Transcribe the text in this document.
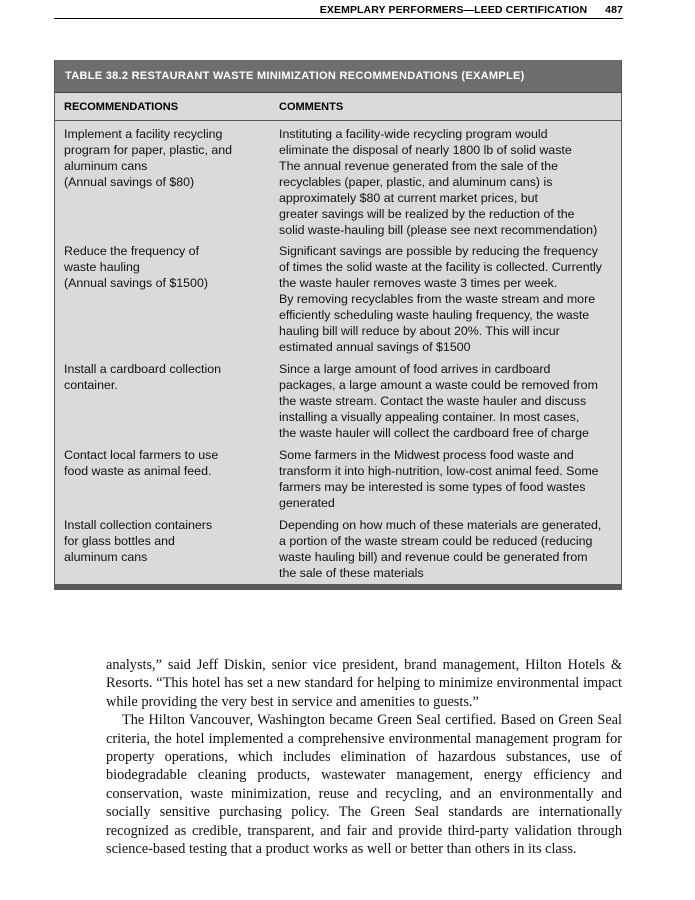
EXEMPLARY PERFORMERS—LEED CERTIFICATION 487
TABLE 38.2 RESTAURANT WASTE MINIMIZATION RECOMMENDATIONS (EXAMPLE)
RECOMMENDATIONS	COMMENTS
Implement a facility recycling
program for paper, plastic, and
aluminum cans
(Annual savings of $80)
Instituting a facility-wide recycling program would
eliminate the disposal of nearly 1800 lb of solid waste
The annual revenue generated from the sale of the
recyclables (paper, plastic, and aluminum cans) is
approximately $80 at current market prices, but
greater savings will be realized by the reduction of the
solid waste-hauling bill (please see next recommendation)
Reduce the frequency of
waste hauling
(Annual savings of $1500)
Significant savings are possible by reducing the frequency
of times the solid waste at the facility is collected. Currently
the waste hauler removes waste 3 times per week.
By removing recyclables from the waste stream and more
efficiently scheduling waste hauling frequency, the waste
hauling bill will reduce by about 20%. This will incur
estimated annual savings of $1500
Install a cardboard collection
container.
Since a large amount of food arrives in cardboard
packages, a large amount a waste could be removed from
the waste stream. Contact the waste hauler and discuss
installing a visually appealing container. In most cases,
the waste hauler will collect the cardboard free of charge
Contact local farmers to use
food waste as animal feed.
Some farmers in the Midwest process food waste and
transform it into high-nutrition, low-cost animal feed. Some
farmers may be interested is some types of food wastes
generated
Install collection containers
for glass bottles and
aluminum cans
Depending on how much of these materials are generated,
a portion of the waste stream could be reduced (reducing
waste hauling bill) and revenue could be generated from
the sale of these materials

analysts,” said Jeff Diskin, senior vice president, brand management, Hilton Hotels & Resorts. “This hotel has set a new standard for helping to minimize environmental impact while providing the very best in service and amenities to guests.”

The Hilton Vancouver, Washington became Green Seal certified. Based on Green Seal criteria, the hotel implemented a comprehensive environmental management program for property operations, which includes elimination of hazardous substances, use of biodegradable cleaning products, wastewater management, energy efficiency and conservation, waste minimization, reuse and recycling, and an environmentally and socially sensitive purchasing policy. The Green Seal standards are internationally recognized as credible, transparent, and fair and provide third-party validation through science-based testing that a product works as well or better than others in its class.
